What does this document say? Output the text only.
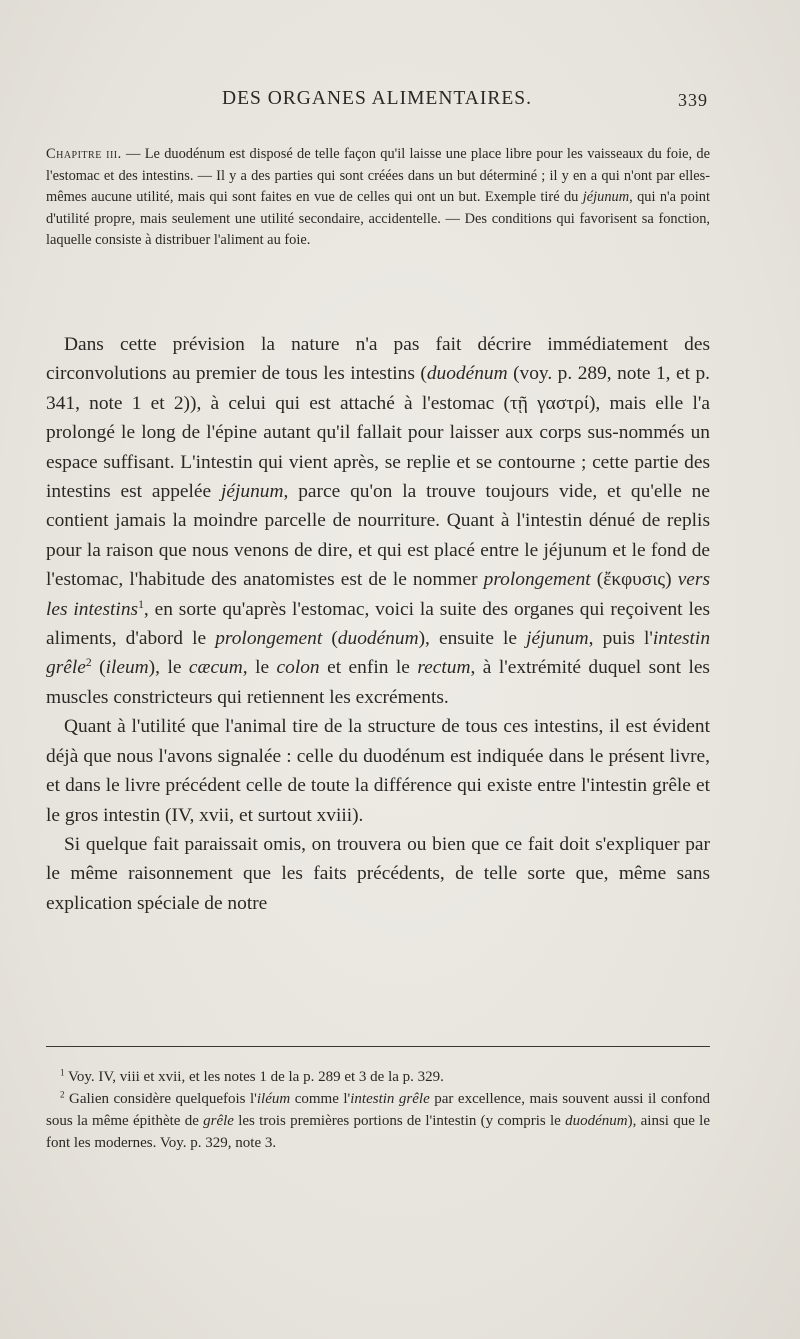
DES ORGANES ALIMENTAIRES.	339

Chapitre iii. — Le duodénum est disposé de telle façon qu'il laisse une place libre pour les vaisseaux du foie, de l'estomac et des intestins. — Il y a des parties qui sont créées dans un but déterminé ; il y en a qui n'ont par elles-mêmes aucune utilité, mais qui sont faites en vue de celles qui ont un but. Exemple tiré du jéjunum, qui n'a point d'utilité propre, mais seulement une utilité secondaire, accidentelle. — Des conditions qui favorisent sa fonction, laquelle consiste à distribuer l'aliment au foie.

Dans cette prévision la nature n'a pas fait décrire immédiatement des circonvolutions au premier de tous les intestins (duodénum (voy. p. 289, note 1, et p. 341, note 1 et 2)), à celui qui est attaché à l'estomac (τῇ γαστρί), mais elle l'a prolongé le long de l'épine autant qu'il fallait pour laisser aux corps sus-nommés un espace suffisant. L'intestin qui vient après, se replie et se contourne ; cette partie des intestins est appelée jéjunum, parce qu'on la trouve toujours vide, et qu'elle ne contient jamais la moindre parcelle de nourriture. Quant à l'intestin dénué de replis pour la raison que nous venons de dire, et qui est placé entre le jéjunum et le fond de l'estomac, l'habitude des anatomistes est de le nommer prolongement (ἔκφυσις) vers les intestins$^1$, en sorte qu'après l'estomac, voici la suite des organes qui reçoivent les aliments, d'abord le prolongement (duodénum), ensuite le jéjunum, puis l'intestin grêle$^2$ (ileum), le cæcum, le colon et enfin le rectum, à l'extrémité duquel sont les muscles constricteurs qui retiennent les excréments.

Quant à l'utilité que l'animal tire de la structure de tous ces intestins, il est évident déjà que nous l'avons signalée : celle du duodénum est indiquée dans le présent livre, et dans le livre précédent celle de toute la différence qui existe entre l'intestin grêle et le gros intestin (IV, xvii, et surtout xviii).

Si quelque fait paraissait omis, on trouvera ou bien que ce fait doit s'expliquer par le même raisonnement que les faits précédents, de telle sorte que, même sans explication spéciale de notre

$^1$ Voy. IV, viii et xvii, et les notes 1 de la p. 289 et 3 de la p. 329.

$^2$ Galien considère quelquefois l'iléum comme l'intestin grêle par excellence, mais souvent aussi il confond sous la même épithète de grêle les trois premières portions de l'intestin (y compris le duodénum), ainsi que le font les modernes. Voy. p. 329, note 3.
